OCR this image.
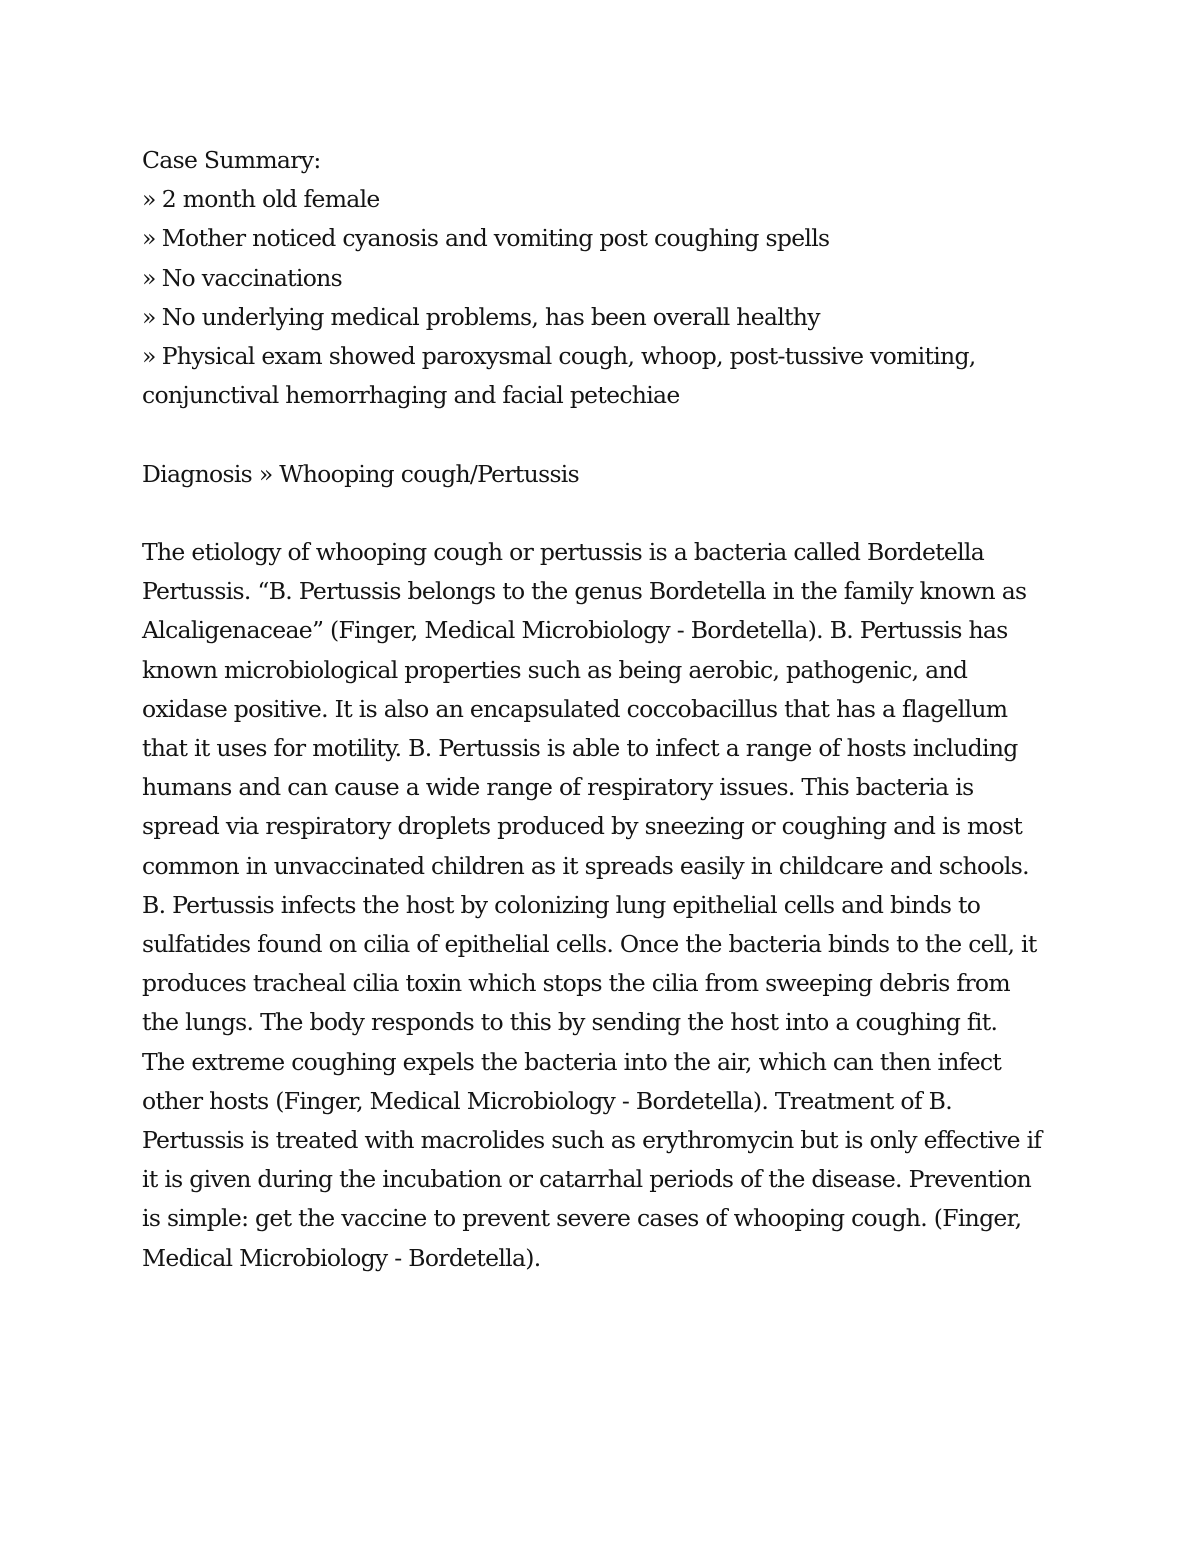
Case Summary:
» 2 month old female
» Mother noticed cyanosis and vomiting post coughing spells
» No vaccinations
» No underlying medical problems, has been overall healthy
» Physical exam showed paroxysmal cough, whoop, post-tussive vomiting,
conjunctival hemorrhaging and facial petechiae

Diagnosis » Whooping cough/Pertussis

The etiology of whooping cough or pertussis is a bacteria called Bordetella
Pertussis. “B. Pertussis belongs to the genus Bordetella in the family known as
Alcaligenaceae” (Finger, Medical Microbiology - Bordetella). B. Pertussis has
known microbiological properties such as being aerobic, pathogenic, and
oxidase positive. It is also an encapsulated coccobacillus that has a flagellum
that it uses for motility. B. Pertussis is able to infect a range of hosts including
humans and can cause a wide range of respiratory issues. This bacteria is
spread via respiratory droplets produced by sneezing or coughing and is most
common in unvaccinated children as it spreads easily in childcare and schools.
B. Pertussis infects the host by colonizing lung epithelial cells and binds to
sulfatides found on cilia of epithelial cells. Once the bacteria binds to the cell, it
produces tracheal cilia toxin which stops the cilia from sweeping debris from
the lungs. The body responds to this by sending the host into a coughing fit.
The extreme coughing expels the bacteria into the air, which can then infect
other hosts (Finger, Medical Microbiology - Bordetella). Treatment of B.
Pertussis is treated with macrolides such as erythromycin but is only effective if
it is given during the incubation or catarrhal periods of the disease. Prevention
is simple: get the vaccine to prevent severe cases of whooping cough. (Finger,
Medical Microbiology - Bordetella).
